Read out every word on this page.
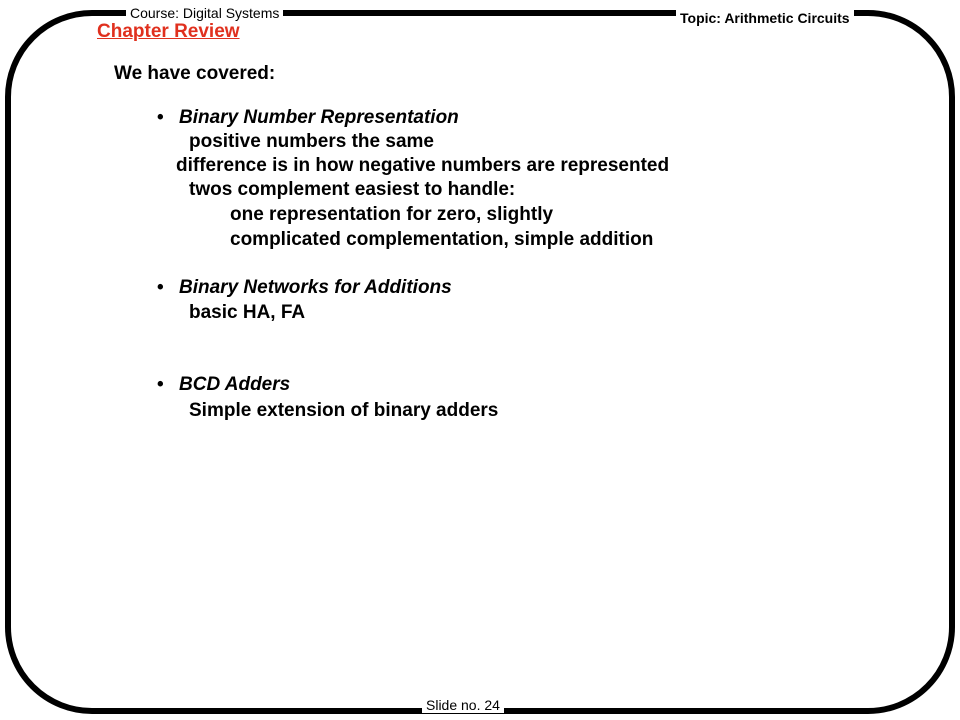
Course: Digital Systems	Topic: Arithmetic Circuits
Slide no. 24
Chapter Review
We have covered:
• Binary Number Representation
positive numbers the same
difference is in how negative numbers are represented
twos complement easiest to handle:
one representation for zero, slightly
complicated complementation, simple addition
• Binary Networks for Additions
basic HA, FA
• BCD Adders
Simple extension of binary adders
